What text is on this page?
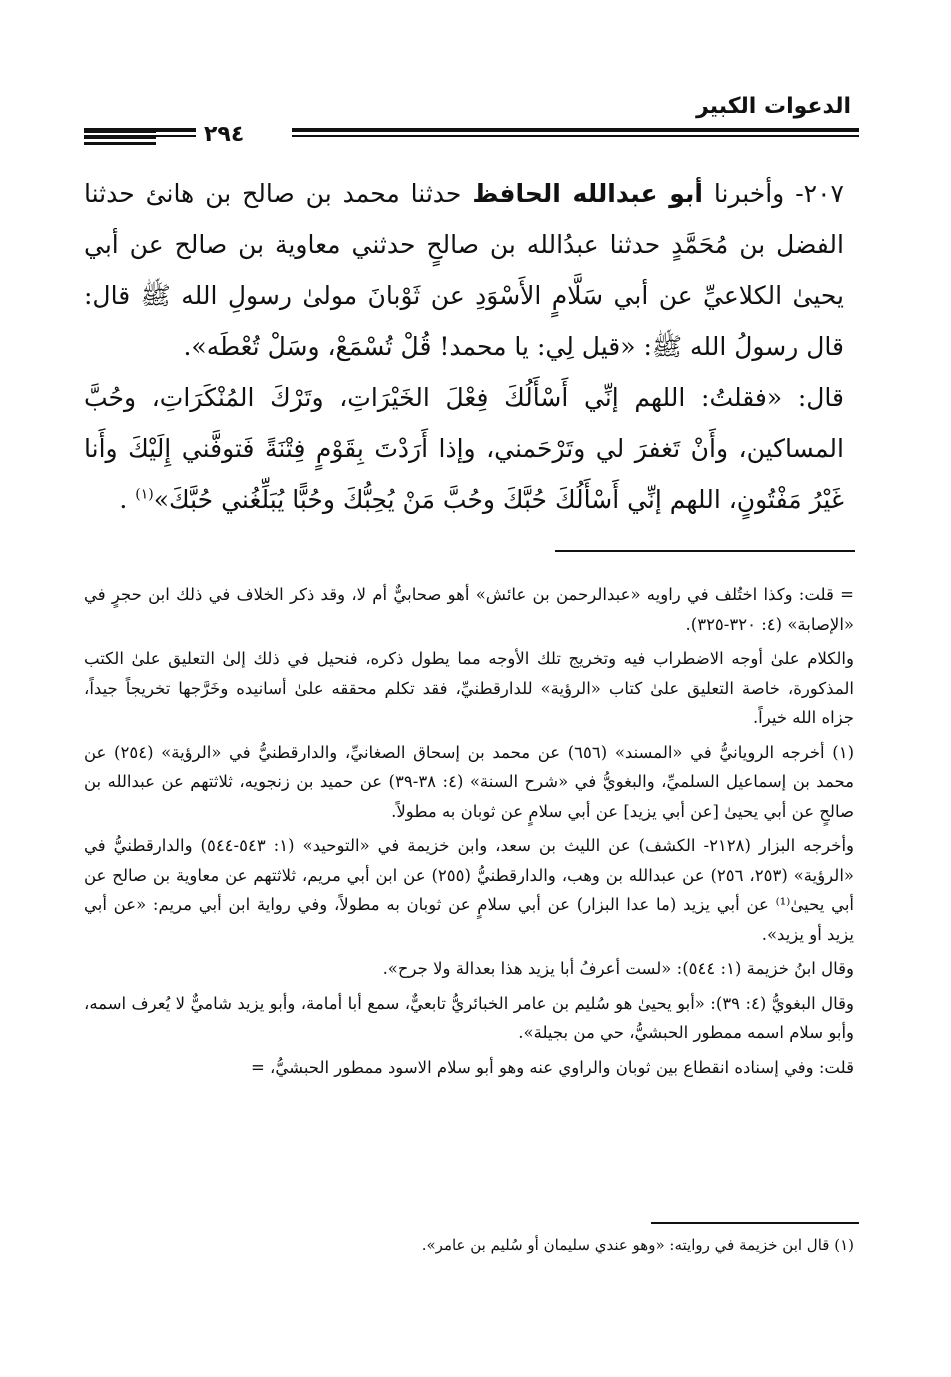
الدعوات الكبير
٢٩٤

٢٠٧- وأخبرنا أبو عبدالله الحافظ حدثنا محمد بن صالح بن هانئ حدثنا الفضل بن مُحَمَّدٍ حدثنا عبدُالله بن صالحٍ حدثني معاوية بن صالح عن أبي يحيىٰ الكلاعيِّ عن أبي سَلَّامٍ الأَسْوَدِ عن ثَوْبانَ مولىٰ رسولِ الله ﷺ قال: قال رسولُ الله ﷺ: «قيل لِي: يا محمد! قُلْ تُسْمَعْ، وسَلْ تُعْطَه».

قال: «فقلتُ: اللهم إنِّي أَسْأَلُكَ فِعْلَ الخَيْرَاتِ، وتَرْكَ المُنْكَرَاتِ، وحُبَّ المساكين، وأَنْ تَغفرَ لي وتَرْحَمني، وإذا أَرَدْتَ بِقَوْمٍ فِتْنَةً فَتوفَّني إِلَيْكَ وأَنا غَيْرُ مَفْتُونٍ، اللهم إنِّي أَسْأَلُكَ حُبَّكَ وحُبَّ مَنْ يُحِبُّكَ وحُبًّا يُبَلِّغُني حُبَّكَ»$^{(١)}$ .

= قلت: وكذا اختُلف في راويه «عبدالرحمن بن عائش» أهو صحابيٌّ أم لا، وقد ذكر الخلاف في ذلك ابن حجرٍ في «الإصابة» (٤: ٣٢٠-٣٢٥).

والكلام علىٰ أوجه الاضطراب فيه وتخريج تلك الأوجه مما يطول ذكره، فنحيل في ذلك إلىٰ التعليق علىٰ الكتب المذكورة، خاصة التعليق علىٰ كتاب «الرؤية» للدارقطنيِّ، فقد تكلم محققه علىٰ أسانيده وخَرَّجها تخريجاً جيداً، جزاه الله خيراً.

(١) أخرجه الرويانيُّ في «المسند» (٦٥٦) عن محمد بن إسحاق الصغانيِّ، والدارقطنيُّ في «الرؤية» (٢٥٤) عن محمد بن إسماعيل السلميِّ، والبغويُّ في «شرح السنة» (٤: ٣٨-٣٩) عن حميد بن زنجويه، ثلاثتهم عن عبدالله بن صالحٍ عن أبي يحيىٰ [عن أبي يزيد] عن أبي سلامٍ عن ثوبان به مطولاً.

وأخرجه البزار (٢١٢٨- الكشف) عن الليث بن سعد، وابن خزيمة في «التوحيد» (١: ٥٤٣-٥٤٤) والدارقطنيُّ في «الرؤية» (٢٥٣، ٢٥٦) عن عبدالله بن وهب، والدارقطنيُّ (٢٥٥) عن ابن أبي مريم، ثلاثتهم عن معاوية بن صالح عن أبي يحيىٰ⁽¹⁾ عن أبي يزيد (ما عدا البزار) عن أبي سلامٍ عن ثوبان به مطولاً، وفي رواية ابن أبي مريم: «عن أبي يزيد أو يزيد».

وقال ابنُ خزيمة (١: ٥٤٤): «لست أعرفُ أبا يزيد هذا بعدالة ولا جرح».

وقال البغويُّ (٤: ٣٩): «أبو يحيىٰ هو سُليم بن عامر الخبائريُّ تابعيٌّ، سمع أبا أمامة، وأبو يزيد شاميٌّ لا يُعرف اسمه، وأبو سلام اسمه ممطور الحبشيُّ، حي من بجيلة».

قلت: وفي إسناده انقطاع بين ثوبان والراوي عنه وهو أبو سلام الاسود ممطور الحبشيُّ، =

(١) قال ابن خزيمة في روايته: «وهو عندي سليمان أو سُليم بن عامر».
